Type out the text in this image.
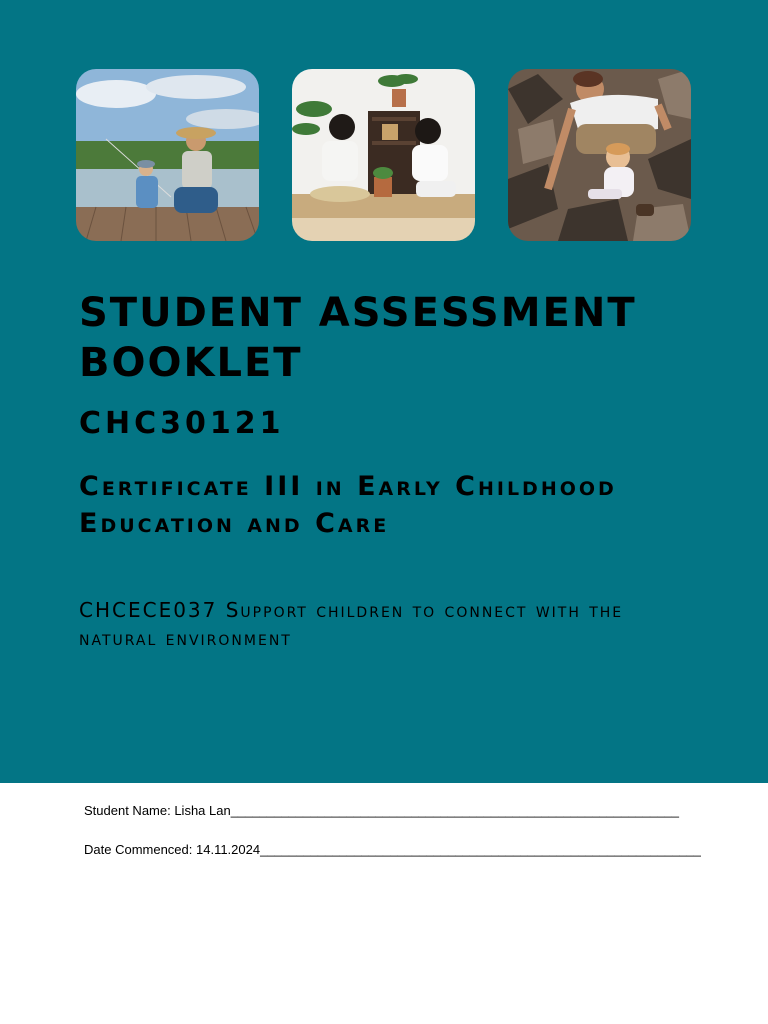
STUDENT ASSESSMENT BOOKLET
CHC30121
Certificate III in Early Childhood Education and Care
CHCECE037 Support children to connect with the natural environment
Student Name: Lisha Lan______________________________________________________________
Date Commenced: 14.11.2024_____________________________________________________________
